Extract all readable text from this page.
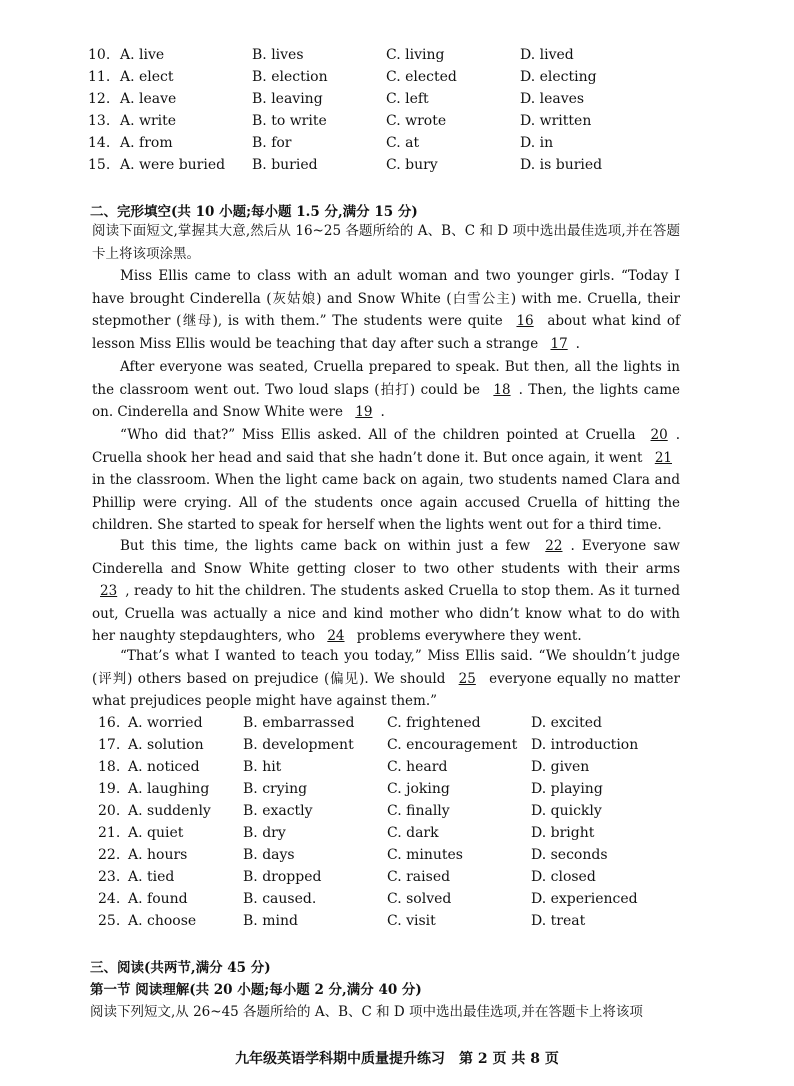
10. A. live	B. lives	C. living	D. lived
11. A. elect	B. election	C. elected	D. electing
12. A. leave	B. leaving	C. left	D. leaves
13. A. write	B. to write	C. wrote	D. written
14. A. from	B. for	C. at	D. in
15. A. were buried	B. buried	C. bury	D. is buried
二、完形填空(共 10 小题;每小题 1.5 分,满分 15 分)
阅读下面短文,掌握其大意,然后从 16~25 各题所给的 A、B、C 和 D 项中选出最佳选项,并在答题卡上将该项涂黑。
Miss Ellis came to class with an adult woman and two younger girls. “Today I have brought Cinderella (灰姑娘) and Snow White (白雪公主) with me. Cruella, their stepmother (继母), is with them.” The students were quite 16 about what kind of lesson Miss Ellis would be teaching that day after such a strange 17 .
After everyone was seated, Cruella prepared to speak. But then, all the lights in the classroom went out. Two loud slaps (拍打) could be 18 . Then, the lights came on. Cinderella and Snow White were 19 .
“Who did that?” Miss Ellis asked. All of the children pointed at Cruella 20 . Cruella shook her head and said that she hadn’t done it. But once again, it went 21 in the classroom. When the light came back on again, two students named Clara and Phillip were crying. All of the students once again accused Cruella of hitting the children. She started to speak for herself when the lights went out for a third time.
But this time, the lights came back on within just a few 22 . Everyone saw Cinderella and Snow White getting closer to two other students with their arms 23 , ready to hit the children. The students asked Cruella to stop them. As it turned out, Cruella was actually a nice and kind mother who didn’t know what to do with her naughty stepdaughters, who 24 problems everywhere they went.
“That’s what I wanted to teach you today,” Miss Ellis said. “We shouldn’t judge (评判) others based on prejudice (偏见). We should 25 everyone equally no matter what prejudices people might have against them.”
16. A. worried	B. embarrassed	C. frightened	D. excited
17. A. solution	B. development	C. encouragement D. introduction
18. A. noticed	B. hit	C. heard	D. given
19. A. laughing	B. crying	C. joking	D. playing
20. A. suddenly	B. exactly	C. finally	D. quickly
21. A. quiet	B. dry	C. dark	D. bright
22. A. hours	B. days	C. minutes	D. seconds
23. A. tied	B. dropped	C. raised	D. closed
24. A. found	B. caused.	C. solved	D. experienced
25. A. choose	B. mind	C. visit	D. treat
三、阅读(共两节,满分 45 分)
第一节 阅读理解(共 20 小题;每小题 2 分,满分 40 分)
阅读下列短文,从 26~45 各题所给的 A、B、C 和 D 项中选出最佳选项,并在答题卡上将该项
九年级英语学科期中质量提升练习　第 2 页 共 8 页
